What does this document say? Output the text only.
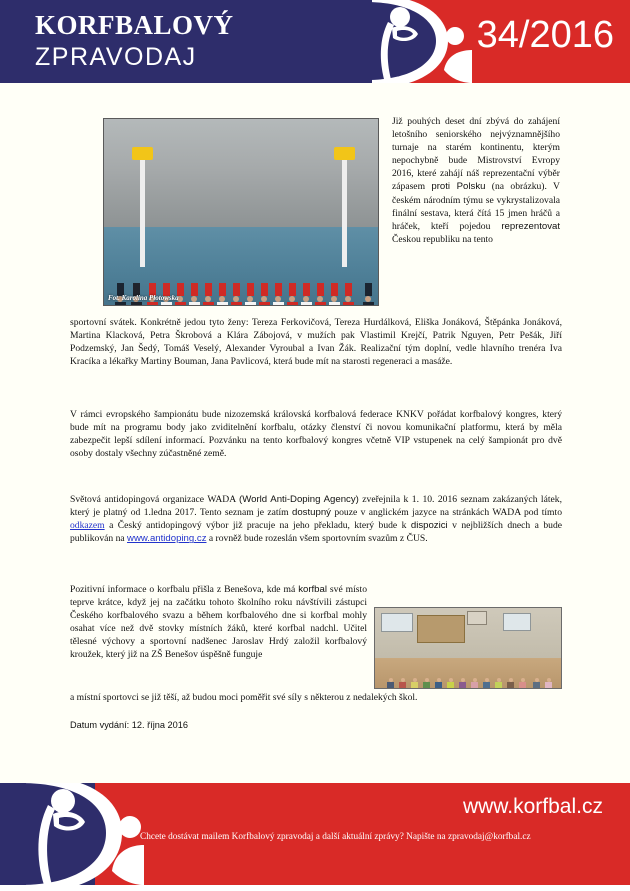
KORFBALOVÝ
ZPRAVODAJ
34/2016
Fot. Karolina Płotowska
Již pouhých deset dní zbývá do zahájení letošního seniorského nejvýznamnějšího turnaje na starém kontinentu, kterým nepochybně bude Mistrovství Evropy 2016, které zahájí náš reprezentační výběr zápasem proti Polsku (na obrázku). V českém národním týmu se vykrystalizovala finální sestava, která čítá 15 jmen hráčů a hráček, kteří pojedou reprezentovat Českou republiku na tento
sportovní svátek. Konkrétně jedou tyto ženy: Tereza Ferkovičová, Tereza Hurdálková, Eliška Jonáková, Štěpánka Jonáková, Martina Klacková, Petra Škrobová a Klára Zábojová, v mužích pak Vlastimil Krejčí, Patrik Nguyen, Petr Pešák, Jiří Podzemský, Jan Šedý, Tomáš Veselý, Alexander Vyroubal a Ivan Žák. Realizační tým doplní, vedle hlavního trenéra Iva Kracíka a lékařky Martiny Bouman, Jana Pavlicová, která bude mít na starosti regeneraci a masáže.
V rámci evropského šampionátu bude nizozemská královská korfbalová federace KNKV pořádat korfbalový kongres, který bude mít na programu body jako zviditelnění korfbalu, otázky členství či novou komunikační platformu, která by měla zabezpečit lepší sdílení informací. Pozvánku na tento korfbalový kongres včetně VIP vstupenek na celý šampionát pro dvě osoby dostaly všechny zúčastněné země.
Světová antidopingová organizace WADA (World Anti-Doping Agency) zveřejnila k 1. 10. 2016 seznam zakázaných látek, který je platný od 1.ledna 2017. Tento seznam je zatím dostupný pouze v anglickém jazyce na stránkách WADA pod tímto odkazem a Český antidopingový výbor již pracuje na jeho překladu, který bude k dispozici v nejbližších dnech a bude publikován na www.antidoping.cz a rovněž bude rozeslán všem sportovním svazům z ČUS.
Pozitivní informace o korfbalu přišla z Benešova, kde má korfbal své místo teprve krátce, když jej na začátku tohoto školního roku návštívili zástupci Českého korfbalového svazu a během korfbalového dne si korfbal mohly osahat více než dvě stovky místních žáků, které korfbal nadchl. Učitel tělesné výchovy a sportovní nadšenec Jaroslav Hrdý založil korfbalový kroužek, který již na ZŠ Benešov úspěšně funguje
a místní sportovci se již těší, až budou moci poměřit své síly s některou z nedalekých škol.
Datum vydání: 12. října 2016
www.korfbal.cz
Chcete dostávat mailem Korfbalový zpravodaj a další aktuální zprávy? Napište na zpravodaj@korfbal.cz
